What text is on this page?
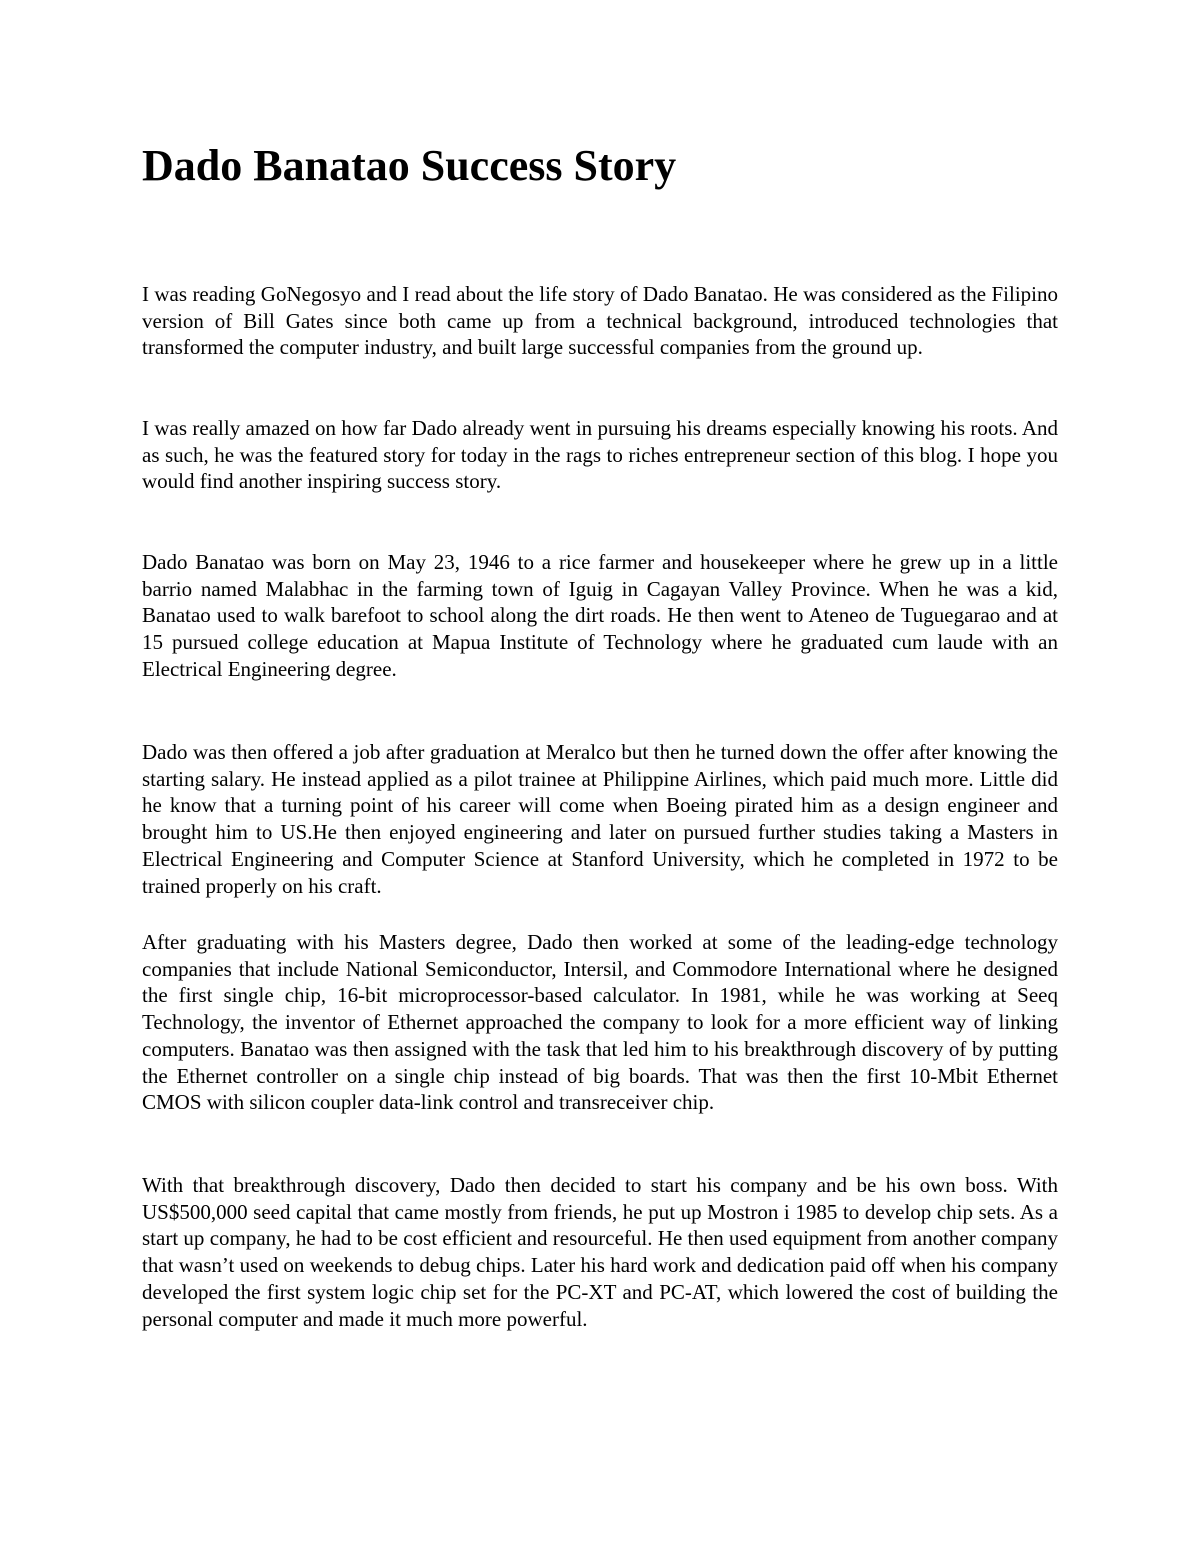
Dado Banatao Success Story

I was reading GoNegosyo and I read about the life story of Dado Banatao. He was considered as the Filipino version of Bill Gates since both came up from a technical background, introduced technologies that transformed the computer industry, and built large successful companies from the ground up.

I was really amazed on how far Dado already went in pursuing his dreams especially knowing his roots. And as such, he was the featured story for today in the rags to riches entrepreneur section of this blog. I hope you would find another inspiring success story.

Dado Banatao was born on May 23, 1946 to a rice farmer and housekeeper where he grew up in a little barrio named Malabhac in the farming town of Iguig in Cagayan Valley Province. When he was a kid, Banatao used to walk barefoot to school along the dirt roads. He then went to Ateneo de Tuguegarao and at 15 pursued college education at Mapua Institute of Technology where he graduated cum laude with an Electrical Engineering degree.

Dado was then offered a job after graduation at Meralco but then he turned down the offer after knowing the starting salary. He instead applied as a pilot trainee at Philippine Airlines, which paid much more. Little did he know that a turning point of his career will come when Boeing pirated him as a design engineer and brought him to US.He then enjoyed engineering and later on pursued further studies taking a Masters in Electrical Engineering and Computer Science at Stanford University, which he completed in 1972 to be trained properly on his craft.

After graduating with his Masters degree, Dado then worked at some of the leading-edge technology companies that include National Semiconductor, Intersil, and Commodore International where he designed the first single chip, 16-bit microprocessor-based calculator. In 1981, while he was working at Seeq Technology, the inventor of Ethernet approached the company to look for a more efficient way of linking computers. Banatao was then assigned with the task that led him to his breakthrough discovery of by putting the Ethernet controller on a single chip instead of big boards. That was then the first 10-Mbit Ethernet CMOS with silicon coupler data-link control and transreceiver chip.

With that breakthrough discovery, Dado then decided to start his company and be his own boss. With US$500,000 seed capital that came mostly from friends, he put up Mostron i 1985 to develop chip sets. As a start up company, he had to be cost efficient and resourceful. He then used equipment from another company that wasn’t used on weekends to debug chips. Later his hard work and dedication paid off when his company developed the first system logic chip set for the PC-XT and PC-AT, which lowered the cost of building the personal computer and made it much more powerful.
